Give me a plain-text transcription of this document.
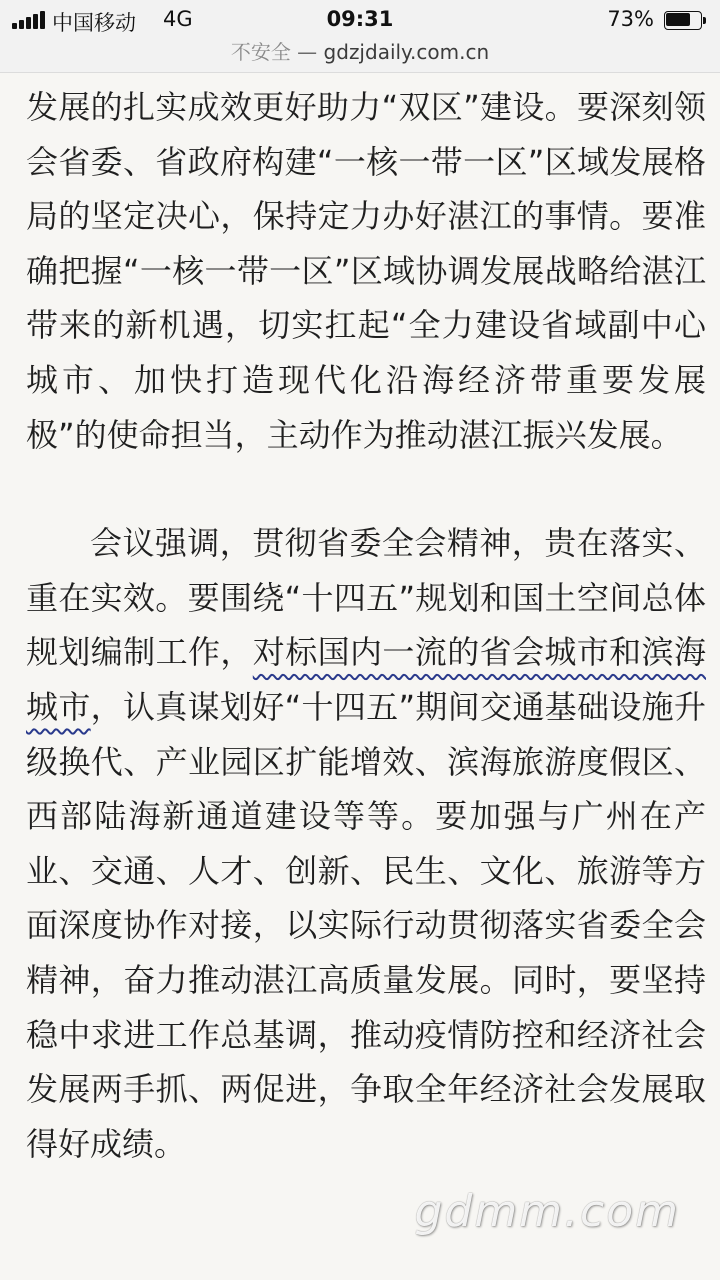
中国移动 4G	09:31	73%
不安全 — gdzjdaily.com.cn

发展的扎实成效更好助力“双区”建设。要深刻领会省委、省政府构建“一核一带一区”区域发展格局的坚定决心，保持定力办好湛江的事情。要准确把握“一核一带一区”区域协调发展战略给湛江带来的新机遇，切实扛起“全力建设省域副中心城市、加快打造现代化沿海经济带重要发展极”的使命担当，主动作为推动湛江振兴发展。

会议强调，贯彻省委全会精神，贵在落实、重在实效。要围绕“十四五”规划和国土空间总体规划编制工作，对标国内一流的省会城市和滨海城市，认真谋划好“十四五”期间交通基础设施升级换代、产业园区扩能增效、滨海旅游度假区、西部陆海新通道建设等等。要加强与广州在产业、交通、人才、创新、民生、文化、旅游等方面深度协作对接，以实际行动贯彻落实省委全会精神，奋力推动湛江高质量发展。同时，要坚持稳中求进工作总基调，推动疫情防控和经济社会发展两手抓、两促进，争取全年经济社会发展取得好成绩。

gdmm.com
